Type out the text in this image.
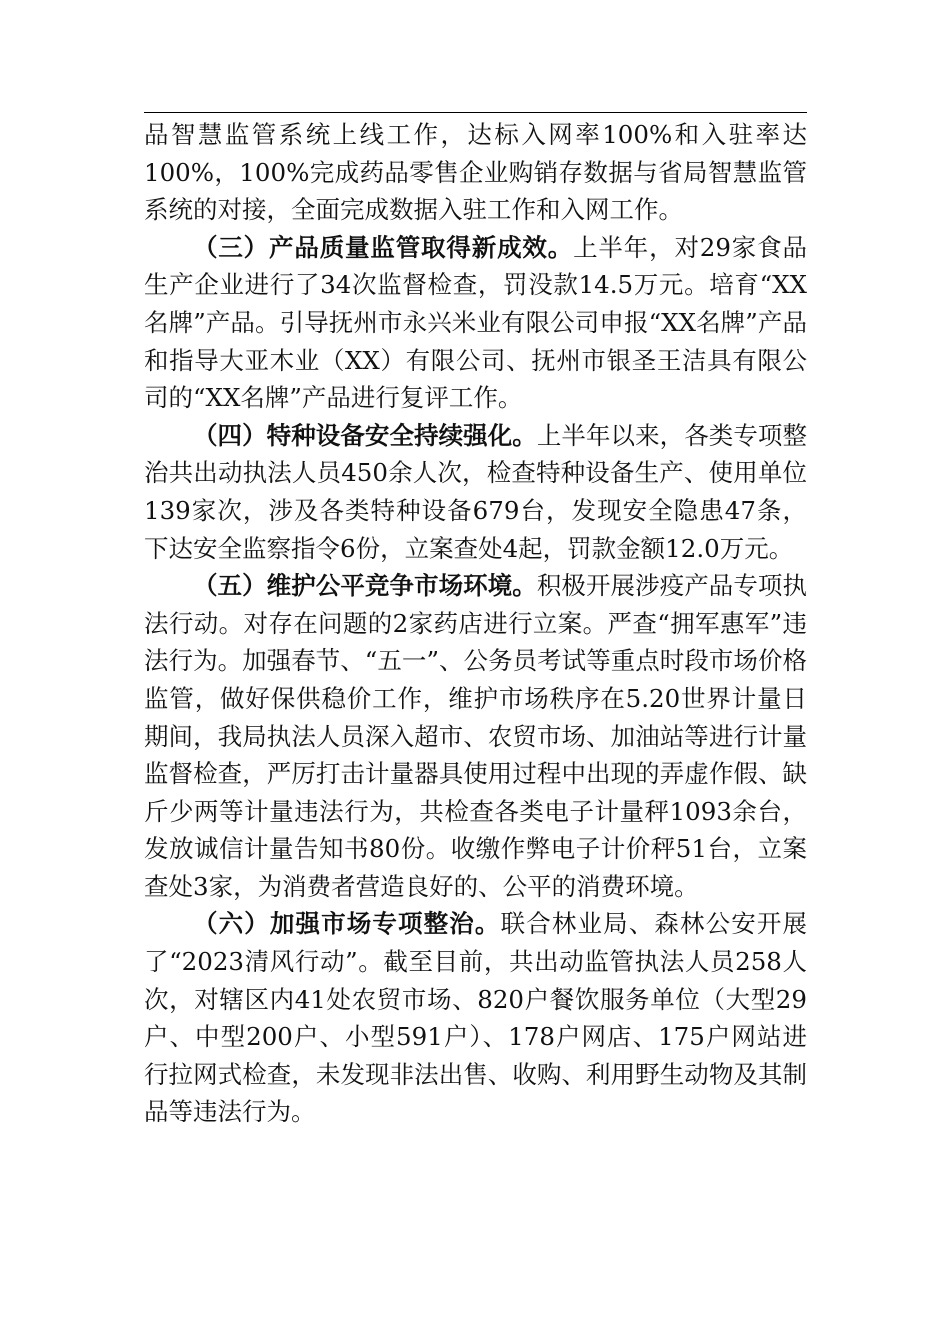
品智慧监管系统上线工作，达标入网率100%和入驻率达100%，100%完成药品零售企业购销存数据与省局智慧监管系统的对接，全面完成数据入驻工作和入网工作。

（三）产品质量监管取得新成效。上半年，对29家食品生产企业进行了34次监督检查，罚没款14.5万元。培育“XX名牌”产品。引导抚州市永兴米业有限公司申报“XX名牌”产品和指导大亚木业（XX）有限公司、抚州市银圣王洁具有限公司的“XX名牌”产品进行复评工作。

（四）特种设备安全持续强化。上半年以来，各类专项整治共出动执法人员450余人次，检查特种设备生产、使用单位139家次，涉及各类特种设备679台，发现安全隐患47条，下达安全监察指令6份，立案查处4起，罚款金额12.0万元。

（五）维护公平竞争市场环境。积极开展涉疫产品专项执法行动。对存在问题的2家药店进行立案。严查“拥军惠军”违法行为。加强春节、“五一”、公务员考试等重点时段市场价格监管，做好保供稳价工作，维护市场秩序在5.20世界计量日期间，我局执法人员深入超市、农贸市场、加油站等进行计量监督检查，严厉打击计量器具使用过程中出现的弄虚作假、缺斤少两等计量违法行为，共检查各类电子计量秤1093余台，发放诚信计量告知书80份。收缴作弊电子计价秤51台，立案查处3家，为消费者营造良好的、公平的消费环境。

（六）加强市场专项整治。联合林业局、森林公安开展了“2023清风行动”。截至目前，共出动监管执法人员258人次，对辖区内41处农贸市场、820户餐饮服务单位（大型29户、中型200户、小型591户）、178户网店、175户网站进行拉网式检查，未发现非法出售、收购、利用野生动物及其制品等违法行为。
